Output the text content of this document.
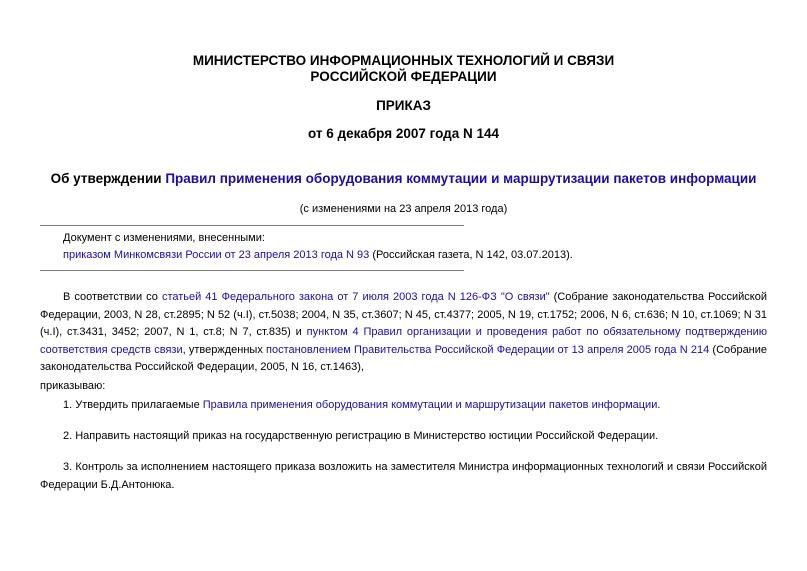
МИНИСТЕРСТВО ИНФОРМАЦИОННЫХ ТЕХНОЛОГИЙ И СВЯЗИ
РОССИЙСКОЙ ФЕДЕРАЦИИ
ПРИКАЗ
от 6 декабря 2007 года N 144
Об утверждении Правил применения оборудования коммутации и маршрутизации пакетов информации
(с изменениями на 23 апреля 2013 года)
Документ с изменениями, внесенными:
приказом Минкомсвязи России от 23 апреля 2013 года N 93 (Российская газета, N 142, 03.07.2013).
В соответствии со статьей 41 Федерального закона от 7 июля 2003 года N 126-ФЗ "О связи" (Собрание законодательства Российской Федерации, 2003, N 28, ст.2895; N 52 (ч.I), ст.5038; 2004, N 35, ст.3607; N 45, ст.4377; 2005, N 19, ст.1752; 2006, N 6, ст.636; N 10, ст.1069; N 31 (ч.I), ст.3431, 3452; 2007, N 1, ст.8; N 7, ст.835) и пунктом 4 Правил организации и проведения работ по обязательному подтверждению соответствия средств связи, утвержденных постановлением Правительства Российской Федерации от 13 апреля 2005 года N 214 (Собрание законодательства Российской Федерации, 2005, N 16, ст.1463),
приказываю:
1. Утвердить прилагаемые Правила применения оборудования коммутации и маршрутизации пакетов информации.
2. Направить настоящий приказ на государственную регистрацию в Министерство юстиции Российской Федерации.
3. Контроль за исполнением настоящего приказа возложить на заместителя Министра информационных технологий и связи Российской Федерации Б.Д.Антонюка.
